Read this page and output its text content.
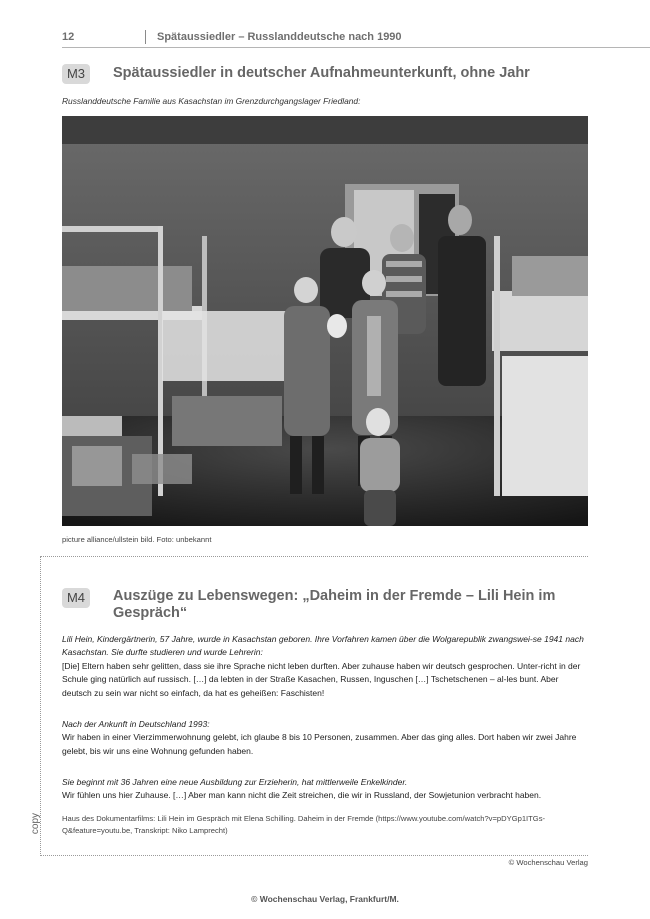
12	Spätaussiedler – Russlanddeutsche nach 1990
M3	Spätaussiedler in deutscher Aufnahmeunterkunft, ohne Jahr
Russlanddeutsche Familie aus Kasachstan im Grenzdurchgangslager Friedland:
picture alliance/ullstein bild. Foto: unbekannt
copy
M4	Auszüge zu Lebenswegen: „Daheim in der Fremde – Lili Hein im
Gespräch“

Lili Hein, Kindergärtnerin, 57 Jahre, wurde in Kasachstan geboren. Ihre Vorfahren kamen über die Wolgarepublik zwangswei-se 1941 nach Kasachstan. Sie durfte studieren und wurde Lehrerin:

[Die] Eltern haben sehr gelitten, dass sie ihre Sprache nicht leben durften. Aber zuhause haben wir deutsch gesprochen. Unter-richt in der Schule ging natürlich auf russisch. […] da lebten in der Straße Kasachen, Russen, Inguschen […] Tschetschenen – al-les bunt. Aber deutsch zu sein war nicht so einfach, da hat es geheißen: Faschisten!

Nach der Ankunft in Deutschland 1993:

Wir haben in einer Vierzimmerwohnung gelebt, ich glaube 8 bis 10 Personen, zusammen. Aber das ging alles. Dort haben wir zwei Jahre gelebt, bis wir uns eine Wohnung gefunden haben.

Sie beginnt mit 36 Jahren eine neue Ausbildung zur Erzieherin, hat mittlerweile Enkelkinder.

Wir fühlen uns hier Zuhause. […] Aber man kann nicht die Zeit streichen, die wir in Russland, der Sowjetunion verbracht haben.

Haus des Dokumentarfilms: Lili Hein im Gespräch mit Elena Schilling. Daheim in der Fremde (https://www.youtube.com/watch?v=pDYGp1ITGs-Q&feature=youtu.be, Transkript: Niko Lamprecht)
© Wochenschau Verlag
© Wochenschau Verlag, Frankfurt/M.
